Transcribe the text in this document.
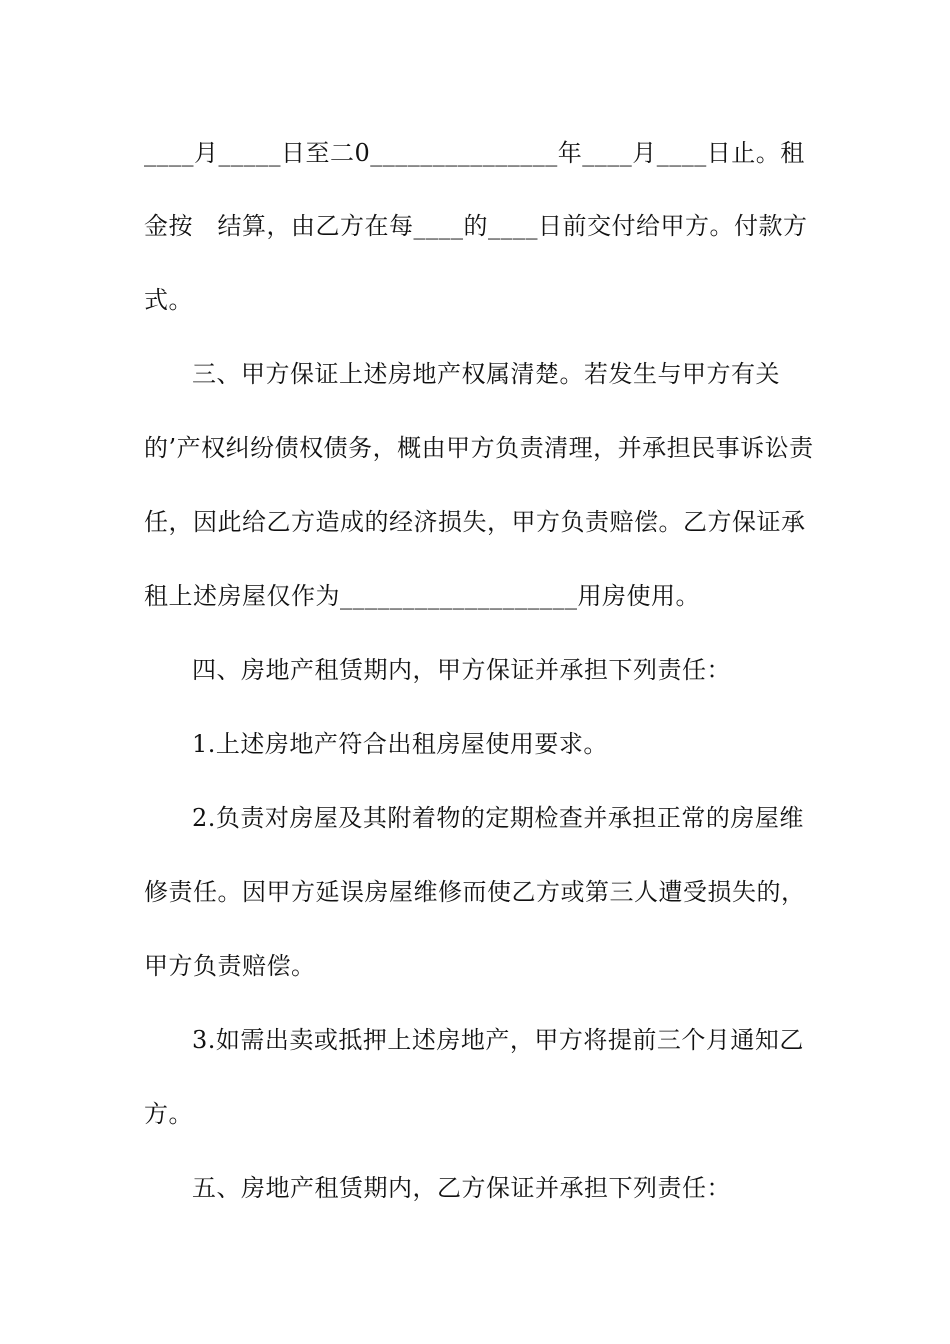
____月_____日至二0_______________年____月____日止。租
金按　结算，由乙方在每____的____日前交付给甲方。付款方
式。
三、甲方保证上述房地产权属清楚。若发生与甲方有关
的’产权纠纷债权债务，概由甲方负责清理，并承担民事诉讼责
任，因此给乙方造成的经济损失，甲方负责赔偿。乙方保证承
租上述房屋仅作为___________________用房使用。
四、房地产租赁期内，甲方保证并承担下列责任：
1.上述房地产符合出租房屋使用要求。
2.负责对房屋及其附着物的定期检查并承担正常的房屋维
修责任。因甲方延误房屋维修而使乙方或第三人遭受损失的，
甲方负责赔偿。
3.如需出卖或抵押上述房地产，甲方将提前三个月通知乙
方。
五、房地产租赁期内，乙方保证并承担下列责任：
